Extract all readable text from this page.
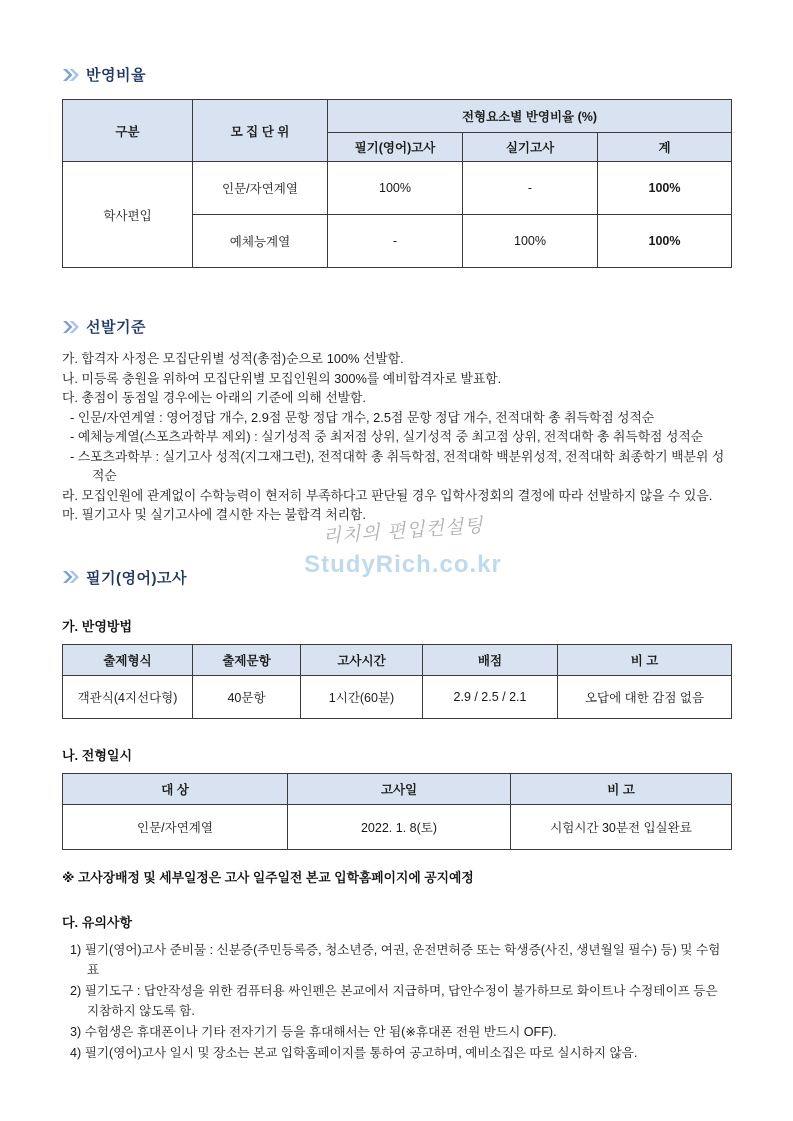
리치의 편입컨설팅
StudyRich.co.kr
반영비율
구분	모 집 단 위	전형요소별 반영비율 (%)		
		필기(영어)고사	실기고사	계
학사편입	인문/자연계열	100%	-	100%
	예체능계열	-	100%	100%
선발기준

가. 합격자 사정은 모집단위별 성적(총점)순으로 100% 선발함.

나. 미등록 충원을 위하여 모집단위별 모집인원의 300%를 예비합격자로 발표함.

다. 총점이 동점일 경우에는 아래의 기준에 의해 선발함.

- 인문/자연계열 : 영어정답 개수, 2.9점 문항 정답 개수, 2.5점 문항 정답 개수, 전적대학 총 취득학점 성적순

- 예체능계열(스포츠과학부 제외) : 실기성적 중 최저점 상위, 실기성적 중 최고점 상위, 전적대학 총 취득학점 성적순

- 스포츠과학부 : 실기고사 성적(지그재그런), 전적대학 총 취득학점, 전적대학 백분위성적, 전적대학 최종학기 백분위 성적순

라. 모집인원에 관계없이 수학능력이 현저히 부족하다고 판단될 경우 입학사정회의 결정에 따라 선발하지 않을 수 있음.

마. 필기고사 및 실기고사에 결시한 자는 불합격 처리함.

필기(영어)고사
가. 반영방법
출제형식	출제문항	고사시간	배점	비 고
객관식(4지선다형)	40문항	1시간(60분)	2.9 / 2.5 / 2.1	오답에 대한 감점 없음
나. 전형일시
대 상	고사일	비 고
인문/자연계열	2022. 1. 8(토)	시험시간 30분전 입실완료
※ 고사장배정 및 세부일정은 고사 일주일전 본교 입학홈페이지에 공지예정
다. 유의사항

1) 필기(영어)고사 준비물 : 신분증(주민등록증, 청소년증, 여권, 운전면허증 또는 학생증(사진, 생년월일 필수) 등) 및 수험표

2) 필기도구 : 답안작성을 위한 컴퓨터용 싸인펜은 본교에서 지급하며, 답안수정이 불가하므로 화이트나 수정테이프 등은 지참하지 않도록 함.

3) 수험생은 휴대폰이나 기타 전자기기 등을 휴대해서는 안 됨(※휴대폰 전원 반드시 OFF).

4) 필기(영어)고사 일시 및 장소는 본교 입학홈페이지를 통하여 공고하며, 예비소집은 따로 실시하지 않음.
